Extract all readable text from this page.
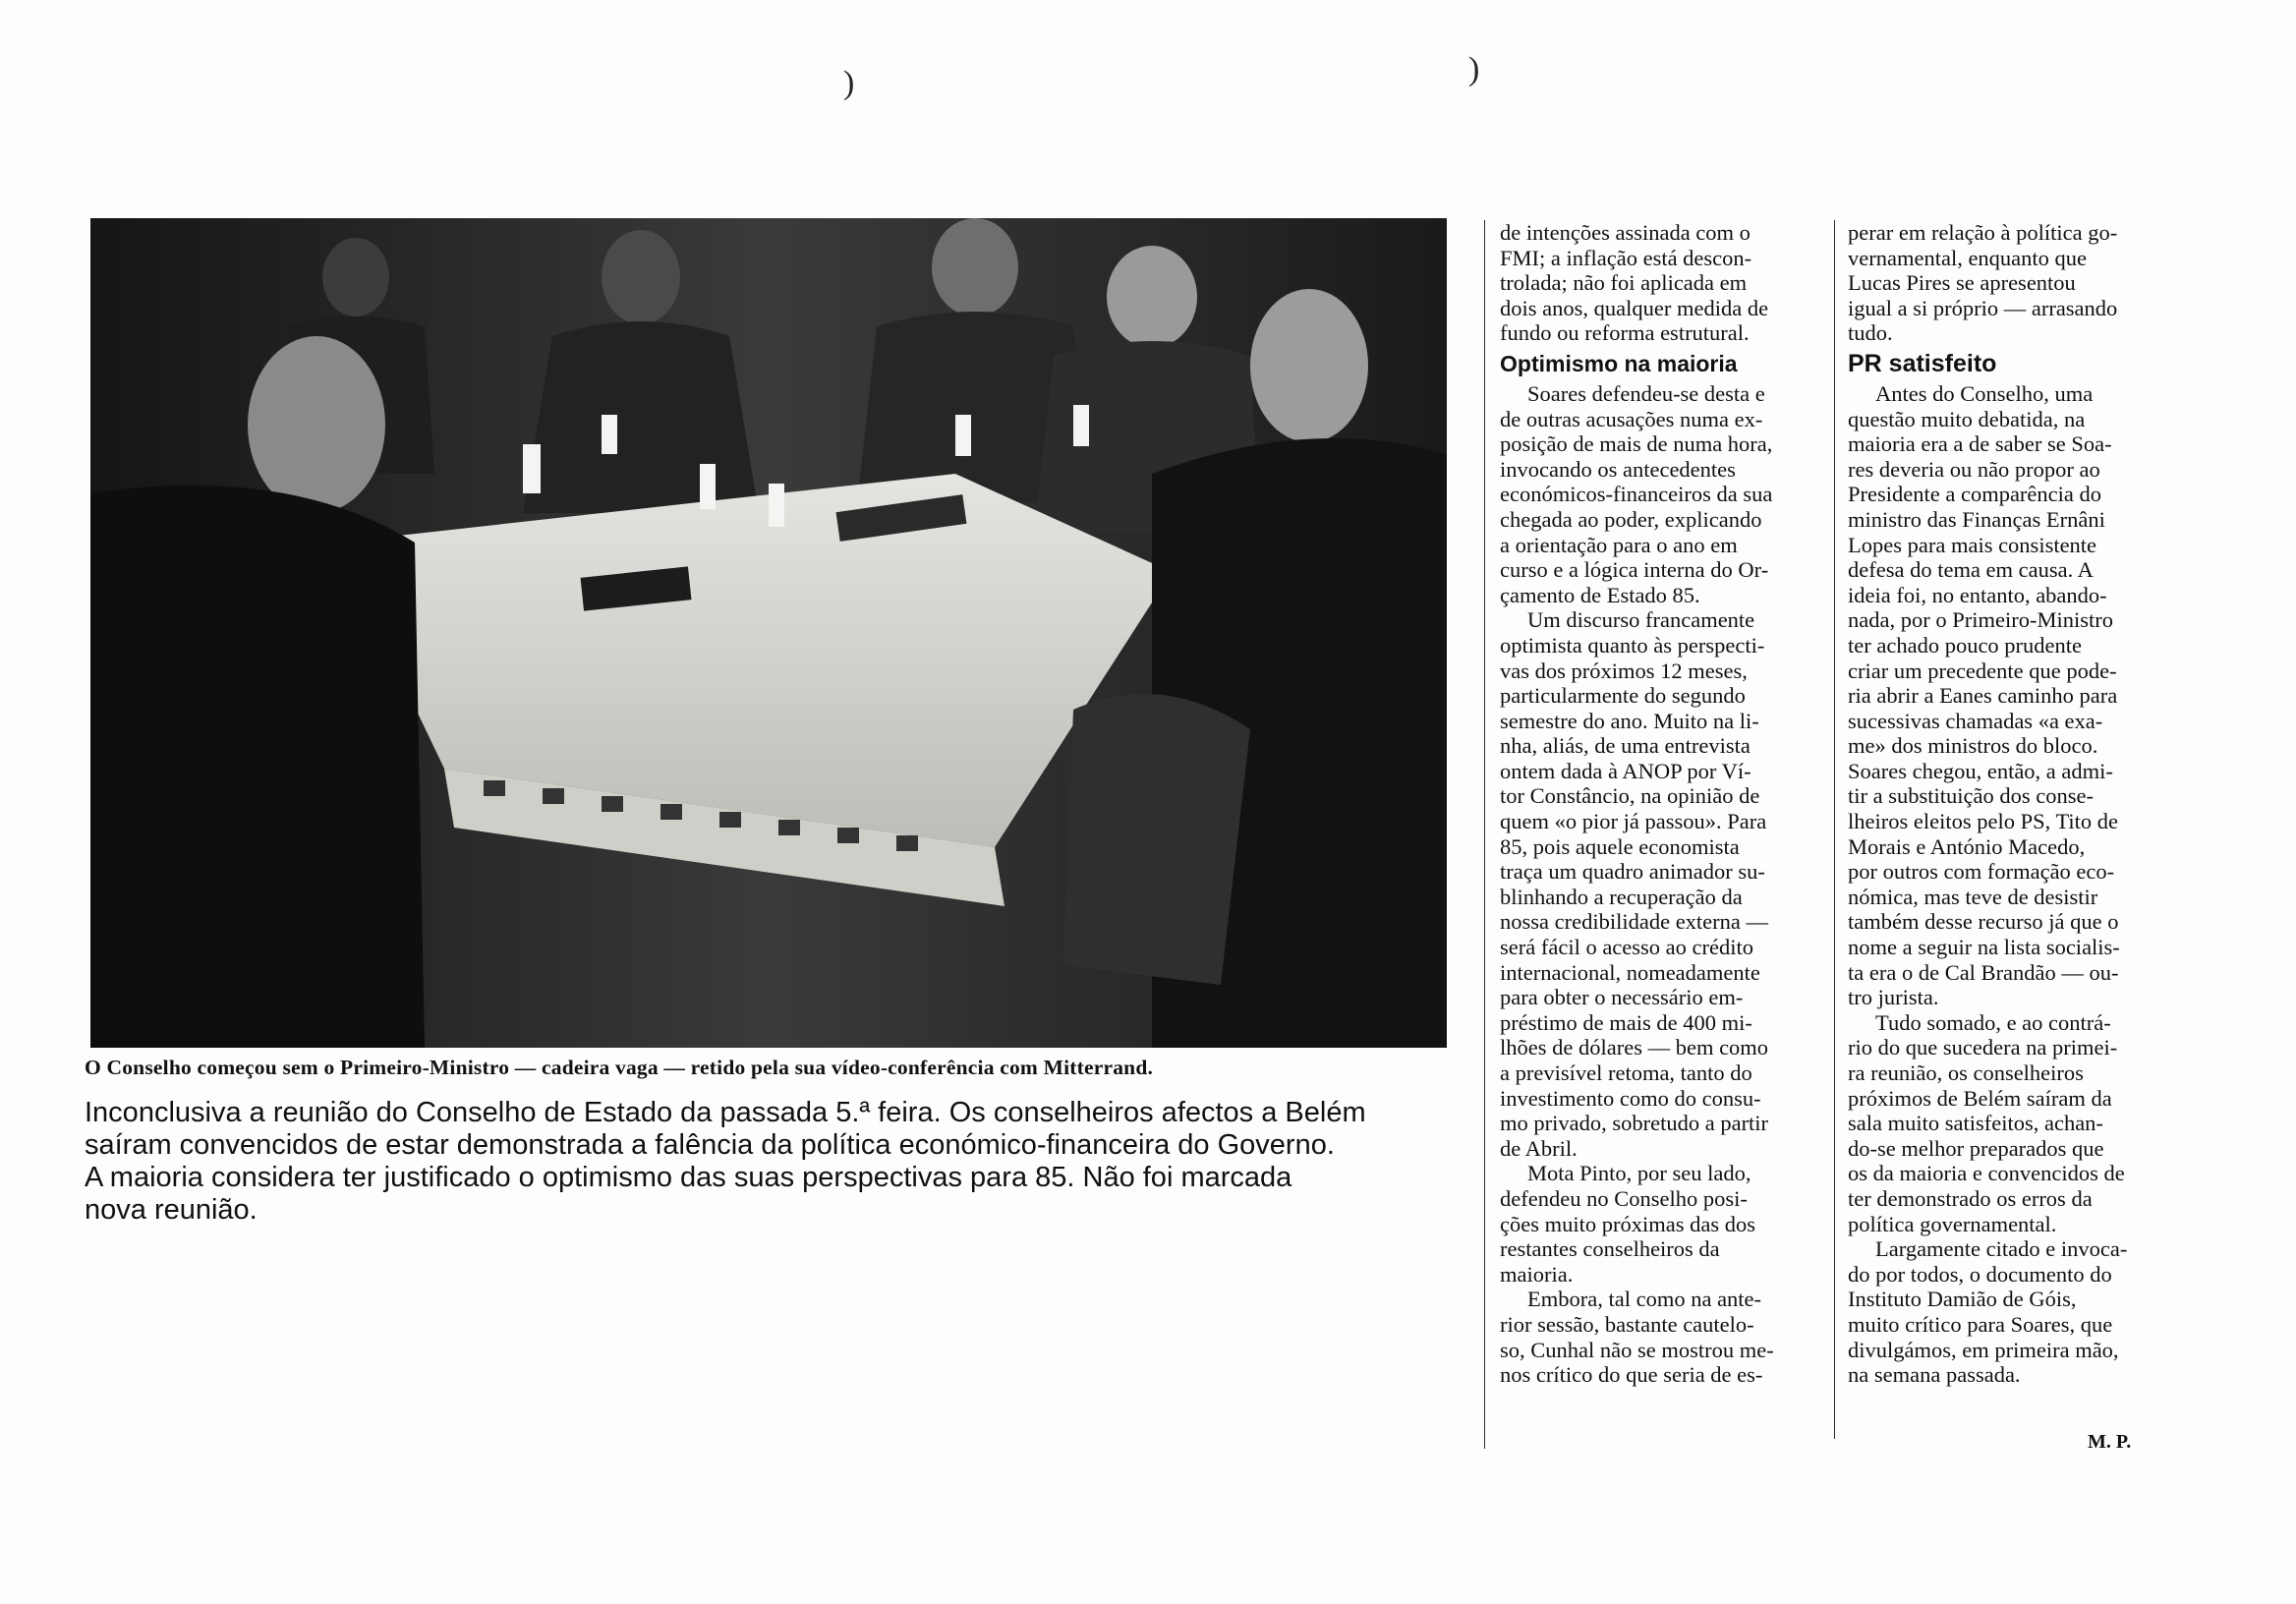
)	)
O Conselho começou sem o Primeiro-Ministro — cadeira vaga — retido pela sua vídeo-conferência com Mitterrand.
Inconclusiva a reunião do Conselho de Estado da passada 5.ª feira. Os conselheiros afectos a Belém
saíram convencidos de estar demonstrada a falência da política económico-financeira do Governo.
A maioria considera ter justificado o optimismo das suas perspectivas para 85. Não foi marcada
nova reunião.
de intenções assinada com o
FMI; a inflação está descon-
trolada; não foi aplicada em
dois anos, qualquer medida de
fundo ou reforma estrutural.
Optimismo na maioria
Soares defendeu-se desta e
de outras acusações numa ex-
posição de mais de numa hora,
invocando os antecedentes
económicos-financeiros da sua
chegada ao poder, explicando
a orientação para o ano em
curso e a lógica interna do Or-
çamento de Estado 85.
Um discurso francamente
optimista quanto às perspecti-
vas dos próximos 12 meses,
particularmente do segundo
semestre do ano. Muito na li-
nha, aliás, de uma entrevista
ontem dada à ANOP por Ví-
tor Constâncio, na opinião de
quem «o pior já passou». Para
85, pois aquele economista
traça um quadro animador su-
blinhando a recuperação da
nossa credibilidade externa —
será fácil o acesso ao crédito
internacional, nomeadamente
para obter o necessário em-
préstimo de mais de 400 mi-
lhões de dólares — bem como
a previsível retoma, tanto do
investimento como do consu-
mo privado, sobretudo a partir
de Abril.
Mota Pinto, por seu lado,
defendeu no Conselho posi-
ções muito próximas das dos
restantes conselheiros da
maioria.
Embora, tal como na ante-
rior sessão, bastante cautelo-
so, Cunhal não se mostrou me-
nos crítico do que seria de es-
perar em relação à política go-
vernamental, enquanto que
Lucas Pires se apresentou
igual a si próprio — arrasando
tudo.
PR satisfeito
Antes do Conselho, uma
questão muito debatida, na
maioria era a de saber se Soa-
res deveria ou não propor ao
Presidente a comparência do
ministro das Finanças Ernâni
Lopes para mais consistente
defesa do tema em causa. A
ideia foi, no entanto, abando-
nada, por o Primeiro-Ministro
ter achado pouco prudente
criar um precedente que pode-
ria abrir a Eanes caminho para
sucessivas chamadas «a exa-
me» dos ministros do bloco.
Soares chegou, então, a admi-
tir a substituição dos conse-
lheiros eleitos pelo PS, Tito de
Morais e António Macedo,
por outros com formação eco-
nómica, mas teve de desistir
também desse recurso já que o
nome a seguir na lista socialis-
ta era o de Cal Brandão — ou-
tro jurista.
Tudo somado, e ao contrá-
rio do que sucedera na primei-
ra reunião, os conselheiros
próximos de Belém saíram da
sala muito satisfeitos, achan-
do-se melhor preparados que
os da maioria e convencidos de
ter demonstrado os erros da
política governamental.
Largamente citado e invoca-
do por todos, o documento do
Instituto Damião de Góis,
muito crítico para Soares, que
divulgámos, em primeira mão,
na semana passada.
M. P.
